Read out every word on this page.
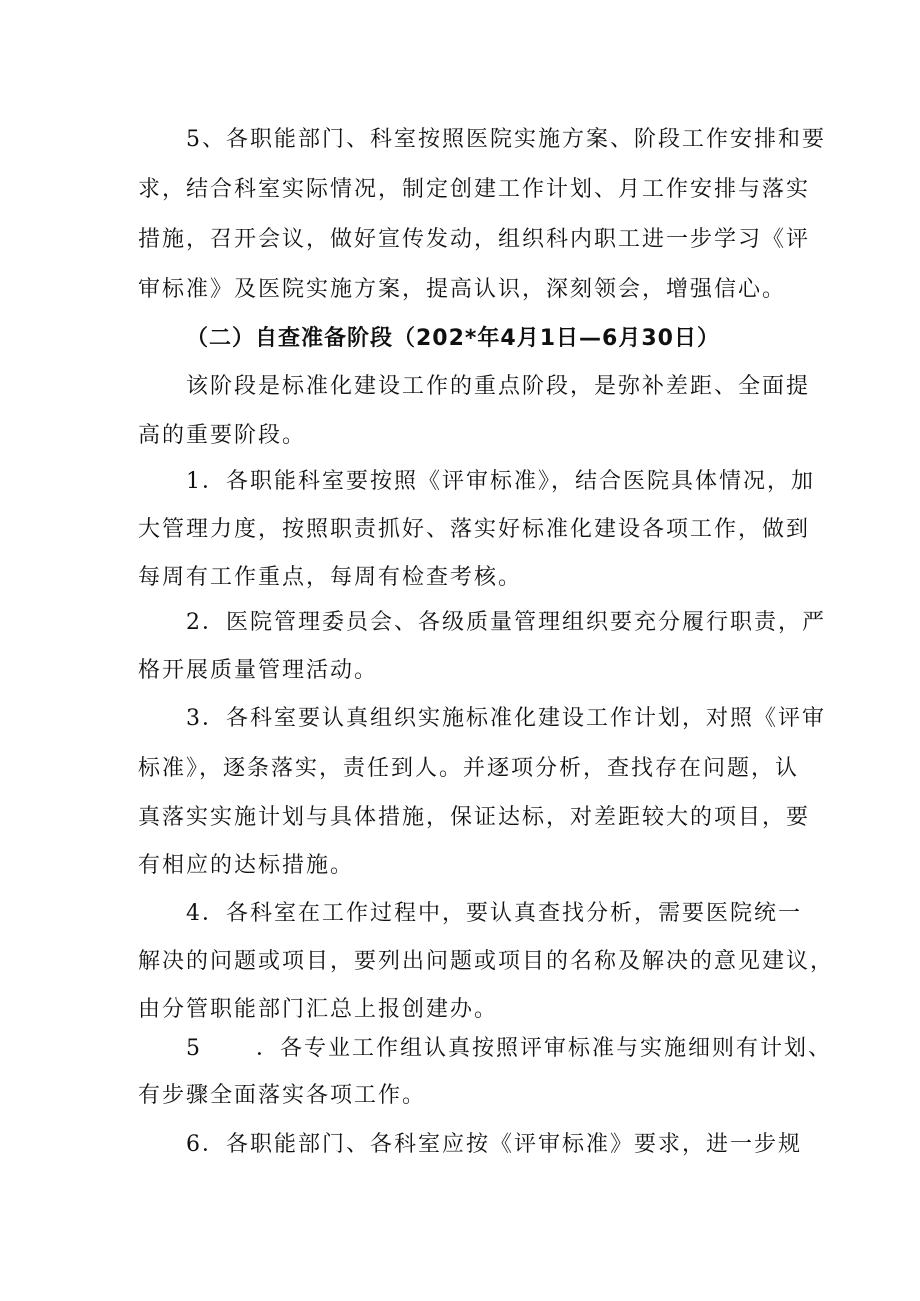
5、各职能部门、科室按照医院实施方案、阶段工作安排和要
求，结合科室实际情况，制定创建工作计划、月工作安排与落实
措施，召开会议，做好宣传发动，组织科内职工进一步学习《评
审标准》及医院实施方案，提高认识，深刻领会，增强信心。
（二）自查准备阶段（202*年4月1日—6月30日）
该阶段是标准化建设工作的重点阶段，是弥补差距、全面提
高的重要阶段。
1．各职能科室要按照《评审标准》，结合医院具体情况，加
大管理力度，按照职责抓好、落实好标准化建设各项工作，做到
每周有工作重点，每周有检查考核。
2．医院管理委员会、各级质量管理组织要充分履行职责，严
格开展质量管理活动。
3．各科室要认真组织实施标准化建设工作计划，对照《评审
标准》，逐条落实，责任到人。并逐项分析，查找存在问题，认
真落实实施计划与具体措施，保证达标，对差距较大的项目，要
有相应的达标措施。
4．各科室在工作过程中，要认真查找分析，需要医院统一
解决的问题或项目，要列出问题或项目的名称及解决的意见建议，
由分管职能部门汇总上报创建办。
5      ．各专业工作组认真按照评审标准与实施细则有计划、
有步骤全面落实各项工作。
6．各职能部门、各科室应按《评审标准》要求，进一步规
